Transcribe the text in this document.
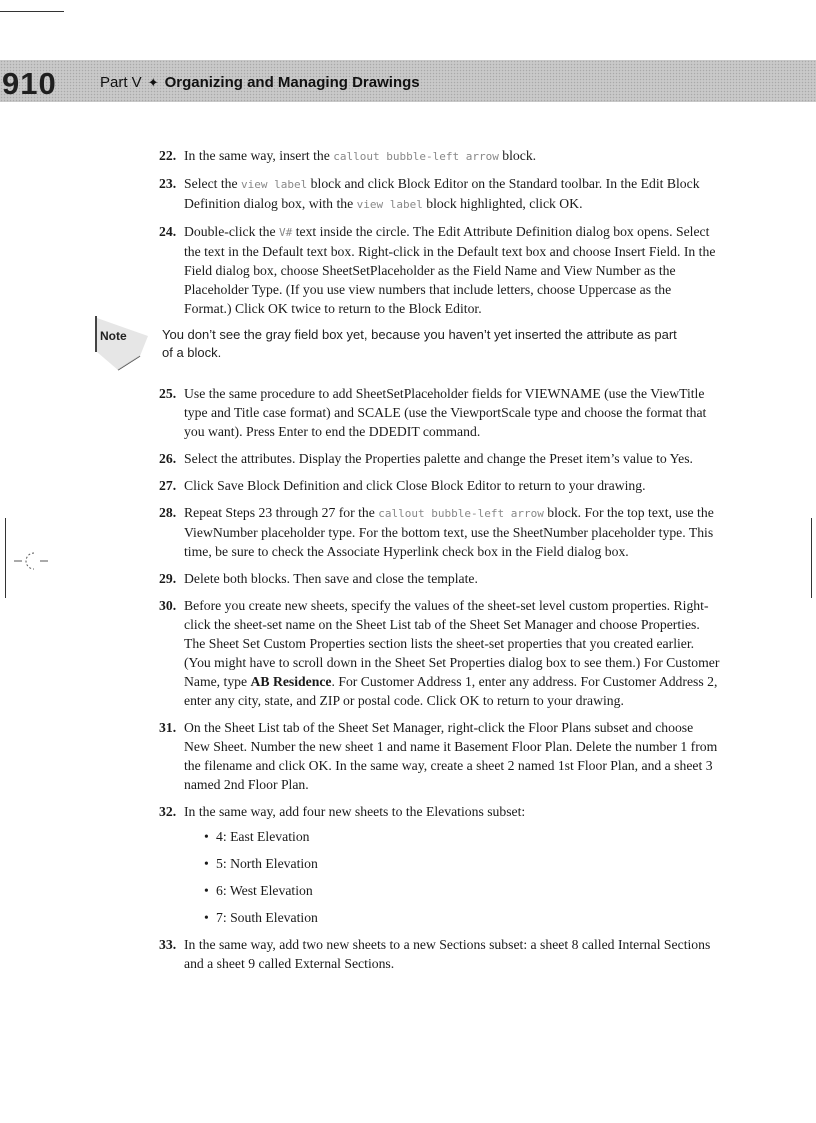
910	Part V ✦ Organizing and Managing Drawings
22. In the same way, insert the callout bubble-left arrow block.
23. Select the view label block and click Block Editor on the Standard toolbar. In the Edit Block Definition dialog box, with the view label block highlighted, click OK.
24. Double-click the V# text inside the circle. The Edit Attribute Definition dialog box opens. Select the text in the Default text box. Right-click in the Default text box and choose Insert Field. In the Field dialog box, choose SheetSetPlaceholder as the Field Name and View Number as the Placeholder Type. (If you use view numbers that include letters, choose Uppercase as the Format.) Click OK twice to return to the Block Editor.
Note	You don’t see the gray field box yet, because you haven’t yet inserted the attribute as part of a block.
25. Use the same procedure to add SheetSetPlaceholder fields for VIEWNAME (use the ViewTitle type and Title case format) and SCALE (use the ViewportScale type and choose the format that you want). Press Enter to end the DDEDIT command.
26. Select the attributes. Display the Properties palette and change the Preset item’s value to Yes.
27. Click Save Block Definition and click Close Block Editor to return to your drawing.
28. Repeat Steps 23 through 27 for the callout bubble-left arrow block. For the top text, use the ViewNumber placeholder type. For the bottom text, use the SheetNumber placeholder type. This time, be sure to check the Associate Hyperlink check box in the Field dialog box.
29. Delete both blocks. Then save and close the template.
30. Before you create new sheets, specify the values of the sheet-set level custom properties. Right-click the sheet-set name on the Sheet List tab of the Sheet Set Manager and choose Properties. The Sheet Set Custom Properties section lists the sheet-set properties that you created earlier. (You might have to scroll down in the Sheet Set Properties dialog box to see them.) For Customer Name, type AB Residence. For Customer Address 1, enter any address. For Customer Address 2, enter any city, state, and ZIP or postal code. Click OK to return to your drawing.
31. On the Sheet List tab of the Sheet Set Manager, right-click the Floor Plans subset and choose New Sheet. Number the new sheet 1 and name it Basement Floor Plan. Delete the number 1 from the filename and click OK. In the same way, create a sheet 2 named 1st Floor Plan, and a sheet 3 named 2nd Floor Plan.
32. In the same way, add four new sheets to the Elevations subset:
• 4: East Elevation
• 5: North Elevation
• 6: West Elevation
• 7: South Elevation
33. In the same way, add two new sheets to a new Sections subset: a sheet 8 called Internal Sections and a sheet 9 called External Sections.
